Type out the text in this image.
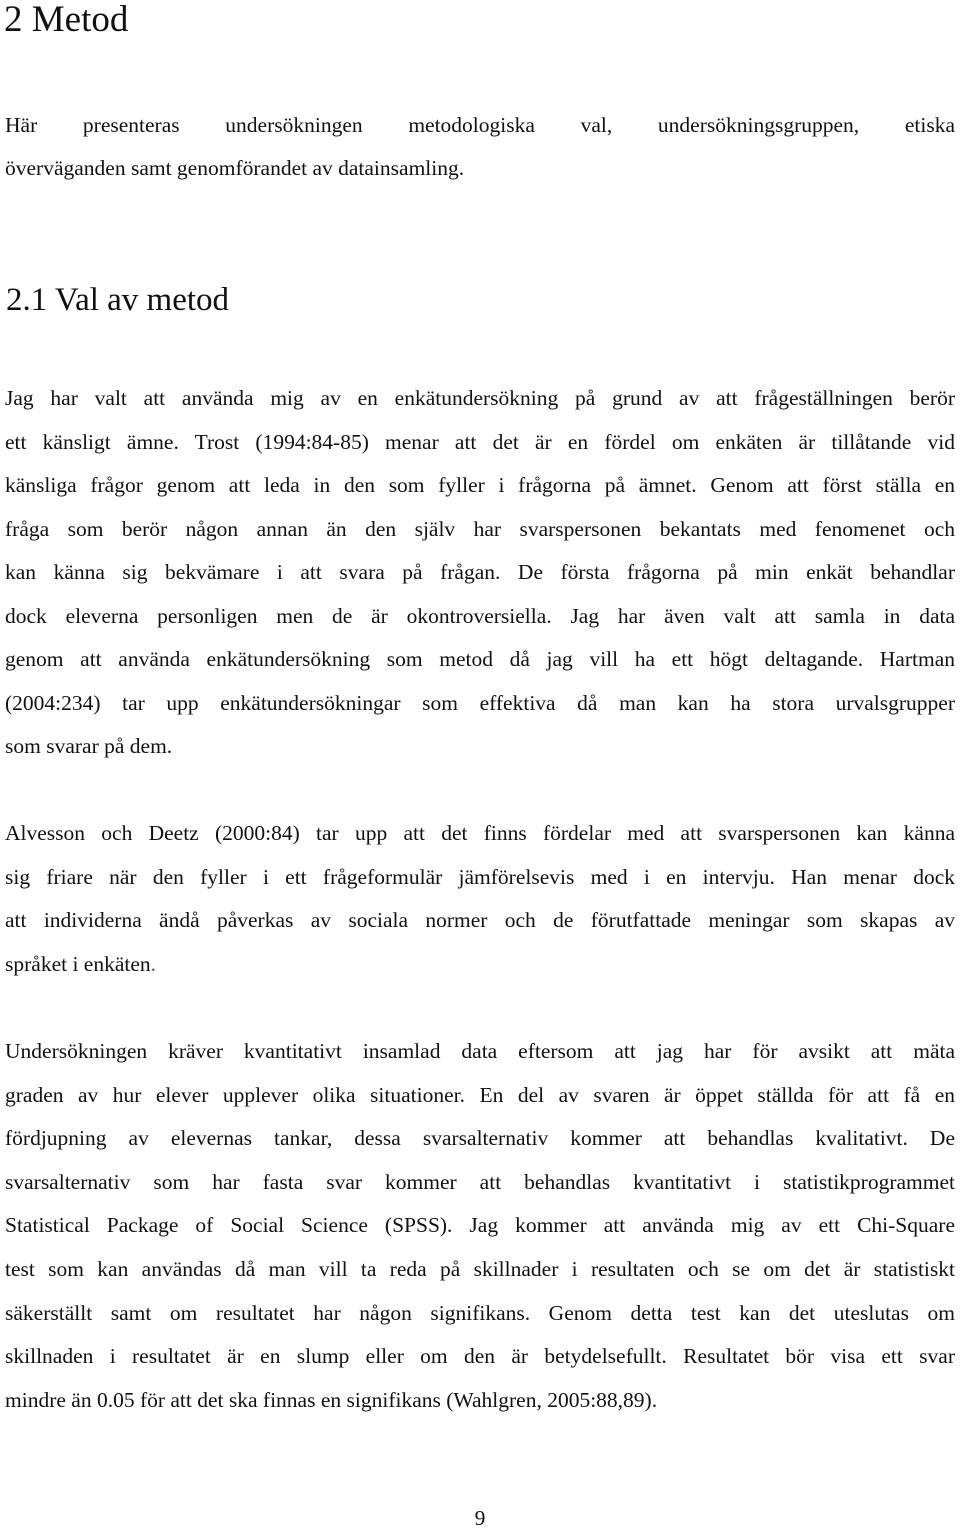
2 Metod

Här presenteras undersökningen metodologiska val, undersökningsgruppen, etiska
överväganden samt genomförandet av datainsamling.

2.1 Val av metod

Jag har valt att använda mig av en enkätundersökning på grund av att frågeställningen berör
ett känsligt ämne. Trost (1994:84-85) menar att det är en fördel om enkäten är tillåtande vid
känsliga frågor genom att leda in den som fyller i frågorna på ämnet. Genom att först ställa en
fråga som berör någon annan än den själv har svarspersonen bekantats med fenomenet och
kan känna sig bekvämare i att svara på frågan. De första frågorna på min enkät behandlar
dock eleverna personligen men de är okontroversiella. Jag har även valt att samla in data
genom att använda enkätundersökning som metod då jag vill ha ett högt deltagande. Hartman
(2004:234) tar upp enkätundersökningar som effektiva då man kan ha stora urvalsgrupper
som svarar på dem.

Alvesson och Deetz (2000:84) tar upp att det finns fördelar med att svarspersonen kan känna
sig friare när den fyller i ett frågeformulär jämförelsevis med i en intervju. Han menar dock
att individerna ändå påverkas av sociala normer och de förutfattade meningar som skapas av
språket i enkäten.

Undersökningen kräver kvantitativt insamlad data eftersom att jag har för avsikt att mäta
graden av hur elever upplever olika situationer. En del av svaren är öppet ställda för att få en
fördjupning av elevernas tankar, dessa svarsalternativ kommer att behandlas kvalitativt. De
svarsalternativ som har fasta svar kommer att behandlas kvantitativt i statistikprogrammet
Statistical Package of Social Science (SPSS). Jag kommer att använda mig av ett Chi-Square
test som kan användas då man vill ta reda på skillnader i resultaten och se om det är statistiskt
säkerställt samt om resultatet har någon signifikans. Genom detta test kan det uteslutas om
skillnaden i resultatet är en slump eller om den är betydelsefullt. Resultatet bör visa ett svar
mindre än 0.05 för att det ska finnas en signifikans (Wahlgren, 2005:88,89).

9
